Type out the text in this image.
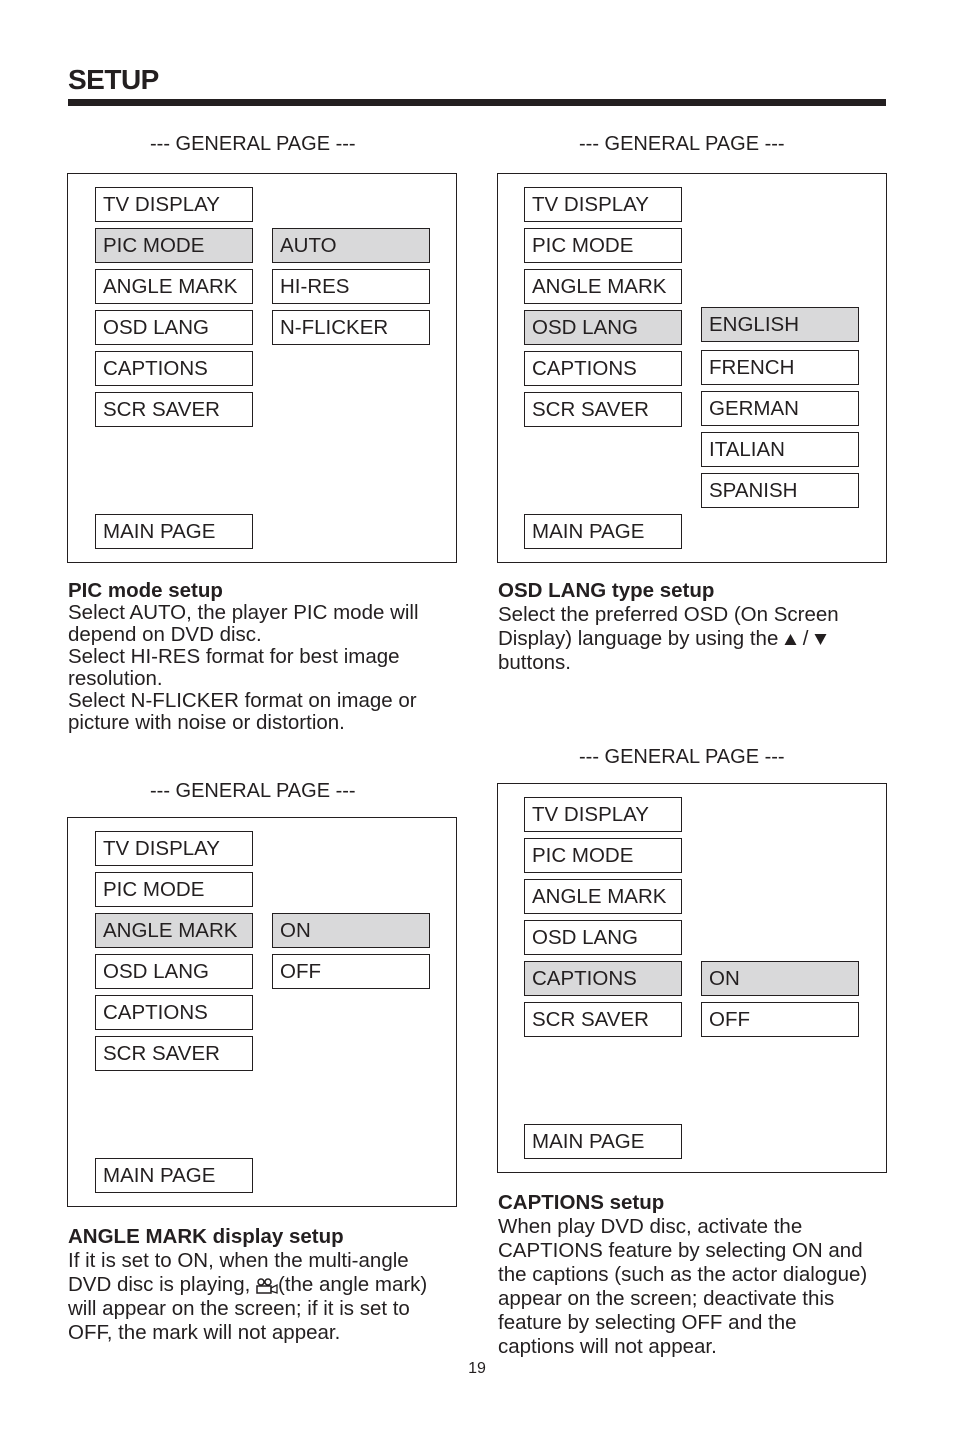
SETUP
--- GENERAL PAGE ---
TV DISPLAY
PIC MODE
ANGLE MARK
OSD LANG
CAPTIONS
SCR SAVER
MAIN PAGE
AUTO
HI-RES
N-FLICKER
PIC mode setup
Select AUTO, the player PIC mode will
depend on DVD disc.
Select HI-RES format for best image
resolution.
Select N-FLICKER format on image or
picture with noise or distortion.
--- GENERAL PAGE ---
TV DISPLAY
PIC MODE
ANGLE MARK
OSD LANG
CAPTIONS
SCR SAVER
MAIN PAGE
ENGLISH
FRENCH
GERMAN
ITALIAN
SPANISH
OSD LANG type setup
Select the preferred OSD (On Screen
Display) language by using the  /
buttons.
--- GENERAL PAGE ---
TV DISPLAY
PIC MODE
ANGLE MARK
OSD LANG
CAPTIONS
SCR SAVER
MAIN PAGE
ON
OFF
ANGLE MARK display setup
If it is set to ON, when the multi-angle
DVD disc is playing, (the angle mark)
will appear on the screen; if it is set to
OFF, the mark will not appear.
--- GENERAL PAGE ---
TV DISPLAY
PIC MODE
ANGLE MARK
OSD LANG
CAPTIONS
SCR SAVER
MAIN PAGE
ON
OFF
CAPTIONS setup
When play DVD disc, activate the
CAPTIONS feature by selecting ON and
the captions (such as the actor dialogue)
appear on the screen; deactivate this
feature by selecting OFF and the
captions will not appear.
19
